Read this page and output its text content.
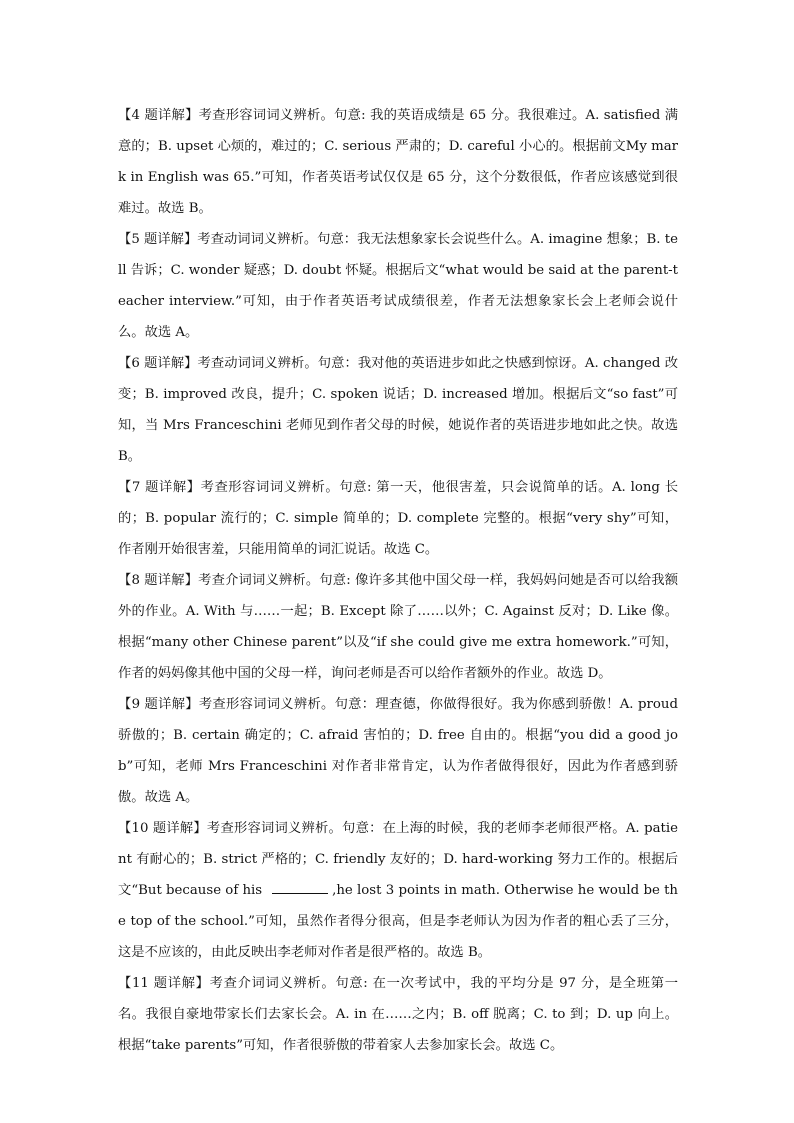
【4 题详解】考查形容词词义辨析。句意: 我的英语成绩是 65 分。我很难过。A. satisfied 满意的；B. upset 心烦的，难过的；C. serious 严肃的；D. careful 小心的。根据前文My mark in English was 65.”可知，作者英语考试仅仅是 65 分，这个分数很低，作者应该感觉到很难过。故选 B。

【5 题详解】考查动词词义辨析。句意：我无法想象家长会说些什么。A. imagine 想象；B. tell 告诉；C. wonder 疑惑；D. doubt 怀疑。根据后文“what would be said at the parent-teacher interview.”可知，由于作者英语考试成绩很差，作者无法想象家长会上老师会说什么。故选 A。

【6 题详解】考查动词词义辨析。句意：我对他的英语进步如此之快感到惊讶。A. changed 改变；B. improved 改良，提升；C. spoken 说话；D. increased 增加。根据后文“so fast”可知，当 Mrs Franceschini 老师见到作者父母的时候，她说作者的英语进步地如此之快。故选 B。

【7 题详解】考查形容词词义辨析。句意: 第一天，他很害羞，只会说简单的话。A. long 长的；B. popular 流行的；C. simple 简单的；D. complete 完整的。根据“very shy”可知，作者刚开始很害羞，只能用简单的词汇说话。故选 C。

【8 题详解】考查介词词义辨析。句意: 像许多其他中国父母一样，我妈妈问她是否可以给我额外的作业。A. With 与……一起；B. Except 除了……以外；C. Against 反对；D. Like 像。根据“many other Chinese parent”以及“if she could give me extra homework.”可知，作者的妈妈像其他中国的父母一样，询问老师是否可以给作者额外的作业。故选 D。

【9 题详解】考查形容词词义辨析。句意：理查德，你做得很好。我为你感到骄傲！A. proud 骄傲的；B. certain 确定的；C. afraid 害怕的；D. free 自由的。根据“you did a good job”可知，老师 Mrs Franceschini 对作者非常肯定，认为作者做得很好，因此为作者感到骄傲。故选 A。

【10 题详解】考查形容词词义辨析。句意：在上海的时候，我的老师李老师很严格。A. patient 有耐心的；B. strict 严格的；C. friendly 友好的；D. hard-working 努力工作的。根据后文“But because of his	,he lost 3 points in math. Otherwise he would be the top of the school.”可知，虽然作者得分很高，但是李老师认为因为作者的粗心丢了三分，这是不应该的，由此反映出李老师对作者是很严格的。故选 B。

【11 题详解】考查介词词义辨析。句意: 在一次考试中，我的平均分是 97 分，是全班第一名。我很自豪地带家长们去家长会。A. in 在……之内；B. off 脱离；C. to 到；D. up 向上。根据“take parents”可知，作者很骄傲的带着家人去参加家长会。故选 C。
